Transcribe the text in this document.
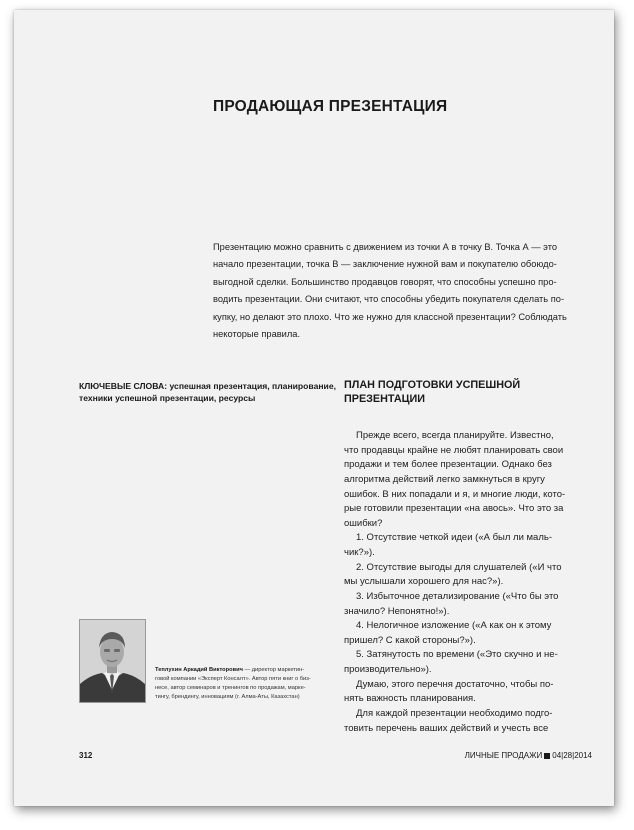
ПРОДАЮЩАЯ ПРЕЗЕНТАЦИЯ
Презентацию можно сравнить с движением из точки А в точку В. Точка А — это
начало презентации, точка В — заключение нужной вам и покупателю обоюдо-
выгодной сделки. Большинство продавцов говорят, что способны успешно про-
водить презентации. Они считают, что способны убедить покупателя сделать по-
купку, но делают это плохо. Что же нужно для классной презентации? Соблюдать
некоторые правила.
КЛЮЧЕВЫЕ СЛОВА: успешная презентация, планирование,
техники успешной презентации, ресурсы
ПЛАН ПОДГОТОВКИ УСПЕШНОЙ
ПРЕЗЕНТАЦИИ
Прежде всего, всегда планируйте. Известно,
что продавцы крайне не любят планировать свои
продажи и тем более презентации. Однако без
алгоритма действий легко замкнуться в кругу
ошибок. В них попадали и я, и многие люди, кото-
рые готовили презентации «на авось». Что это за
ошибки?
1. Отсутствие четкой идеи («А был ли маль-
чик?»).
2. Отсутствие выгоды для слушателей («И что
мы услышали хорошего для нас?»).
3. Избыточное детализирование («Что бы это
значило? Непонятно!»).
4. Нелогичное изложение («А как он к этому
пришел? С какой стороны?»).
5. Затянутость по времени («Это скучно и не-
производительно»).
Думаю, этого перечня достаточно, чтобы по-
нять важность планирования.
Для каждой презентации необходимо подго-
товить перечень ваших действий и учесть все
Теплухин Аркадий Викторович — директор маркетин-
говой компании «Эксперт Консалт». Автор пяти книг о биз-
несе, автор семинаров и тренингов по продажам, марке-
тингу, брендингу, инновациям (г. Алма-Аты, Казахстан)
312	ЛИЧНЫЕ ПРОДАЖИ 04|28|2014
